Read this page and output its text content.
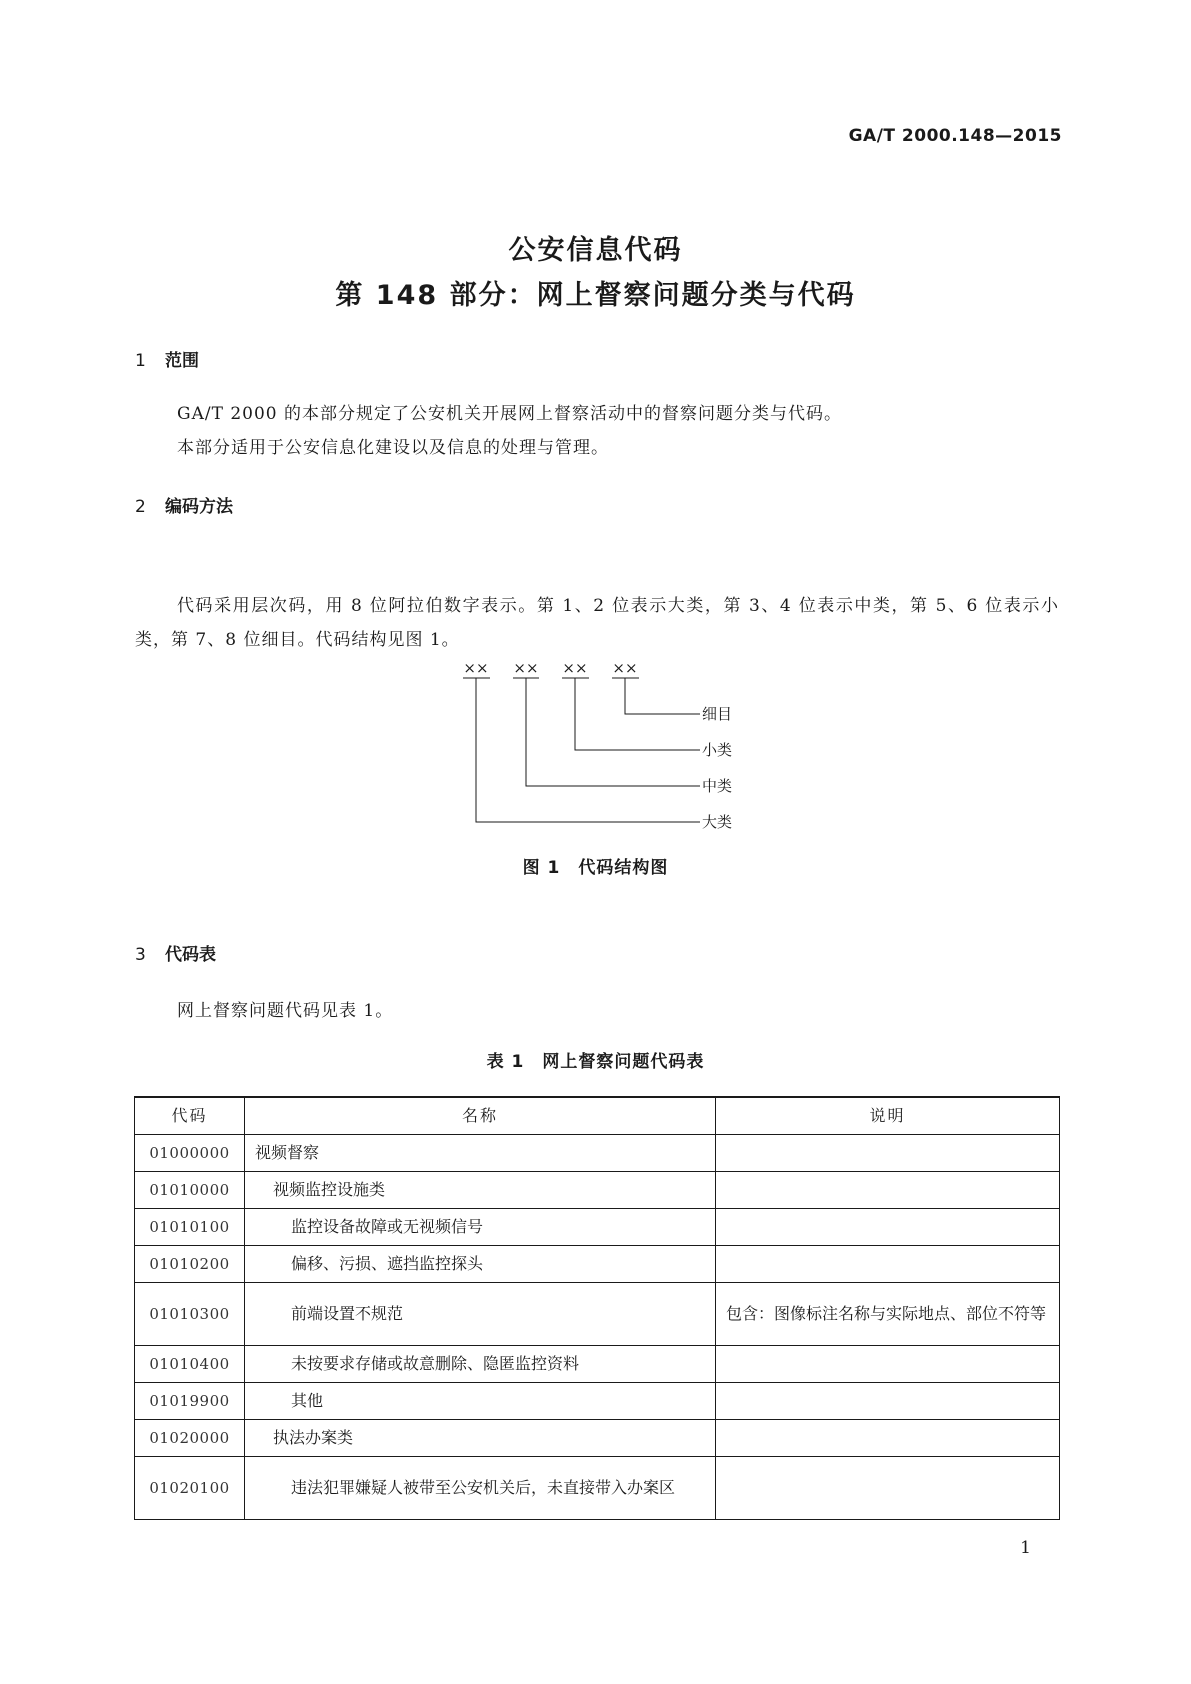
GA/T 2000.148—2015
公安信息代码
第 148 部分：网上督察问题分类与代码
1 范围

GA/T 2000 的本部分规定了公安机关开展网上督察活动中的督察问题分类与代码。

本部分适用于公安信息化建设以及信息的处理与管理。

2 编码方法

代码采用层次码，用 8 位阿拉伯数字表示。第 1、2 位表示大类，第 3、4 位表示中类，第 5、6 位表示小类，第 7、8 位细目。代码结构见图 1。

×× ×× ×× ××
细目
小类
中类
大类
图 1　代码结构图
3 代码表

网上督察问题代码见表 1。

表 1　网上督察问题代码表
代码	名称	说明
01000000	视频督察	
01010000	视频监控设施类	
01010100	监控设备故障或无视频信号	
01010200	偏移、污损、遮挡监控探头	
01010300	前端设置不规范	包含：图像标注名称与实际地点、部位不符等
01010400	未按要求存储或故意删除、隐匿监控资料	
01019900	其他	
01020000	执法办案类	
01020100	违法犯罪嫌疑人被带至公安机关后，未直接带入办案区	
1
